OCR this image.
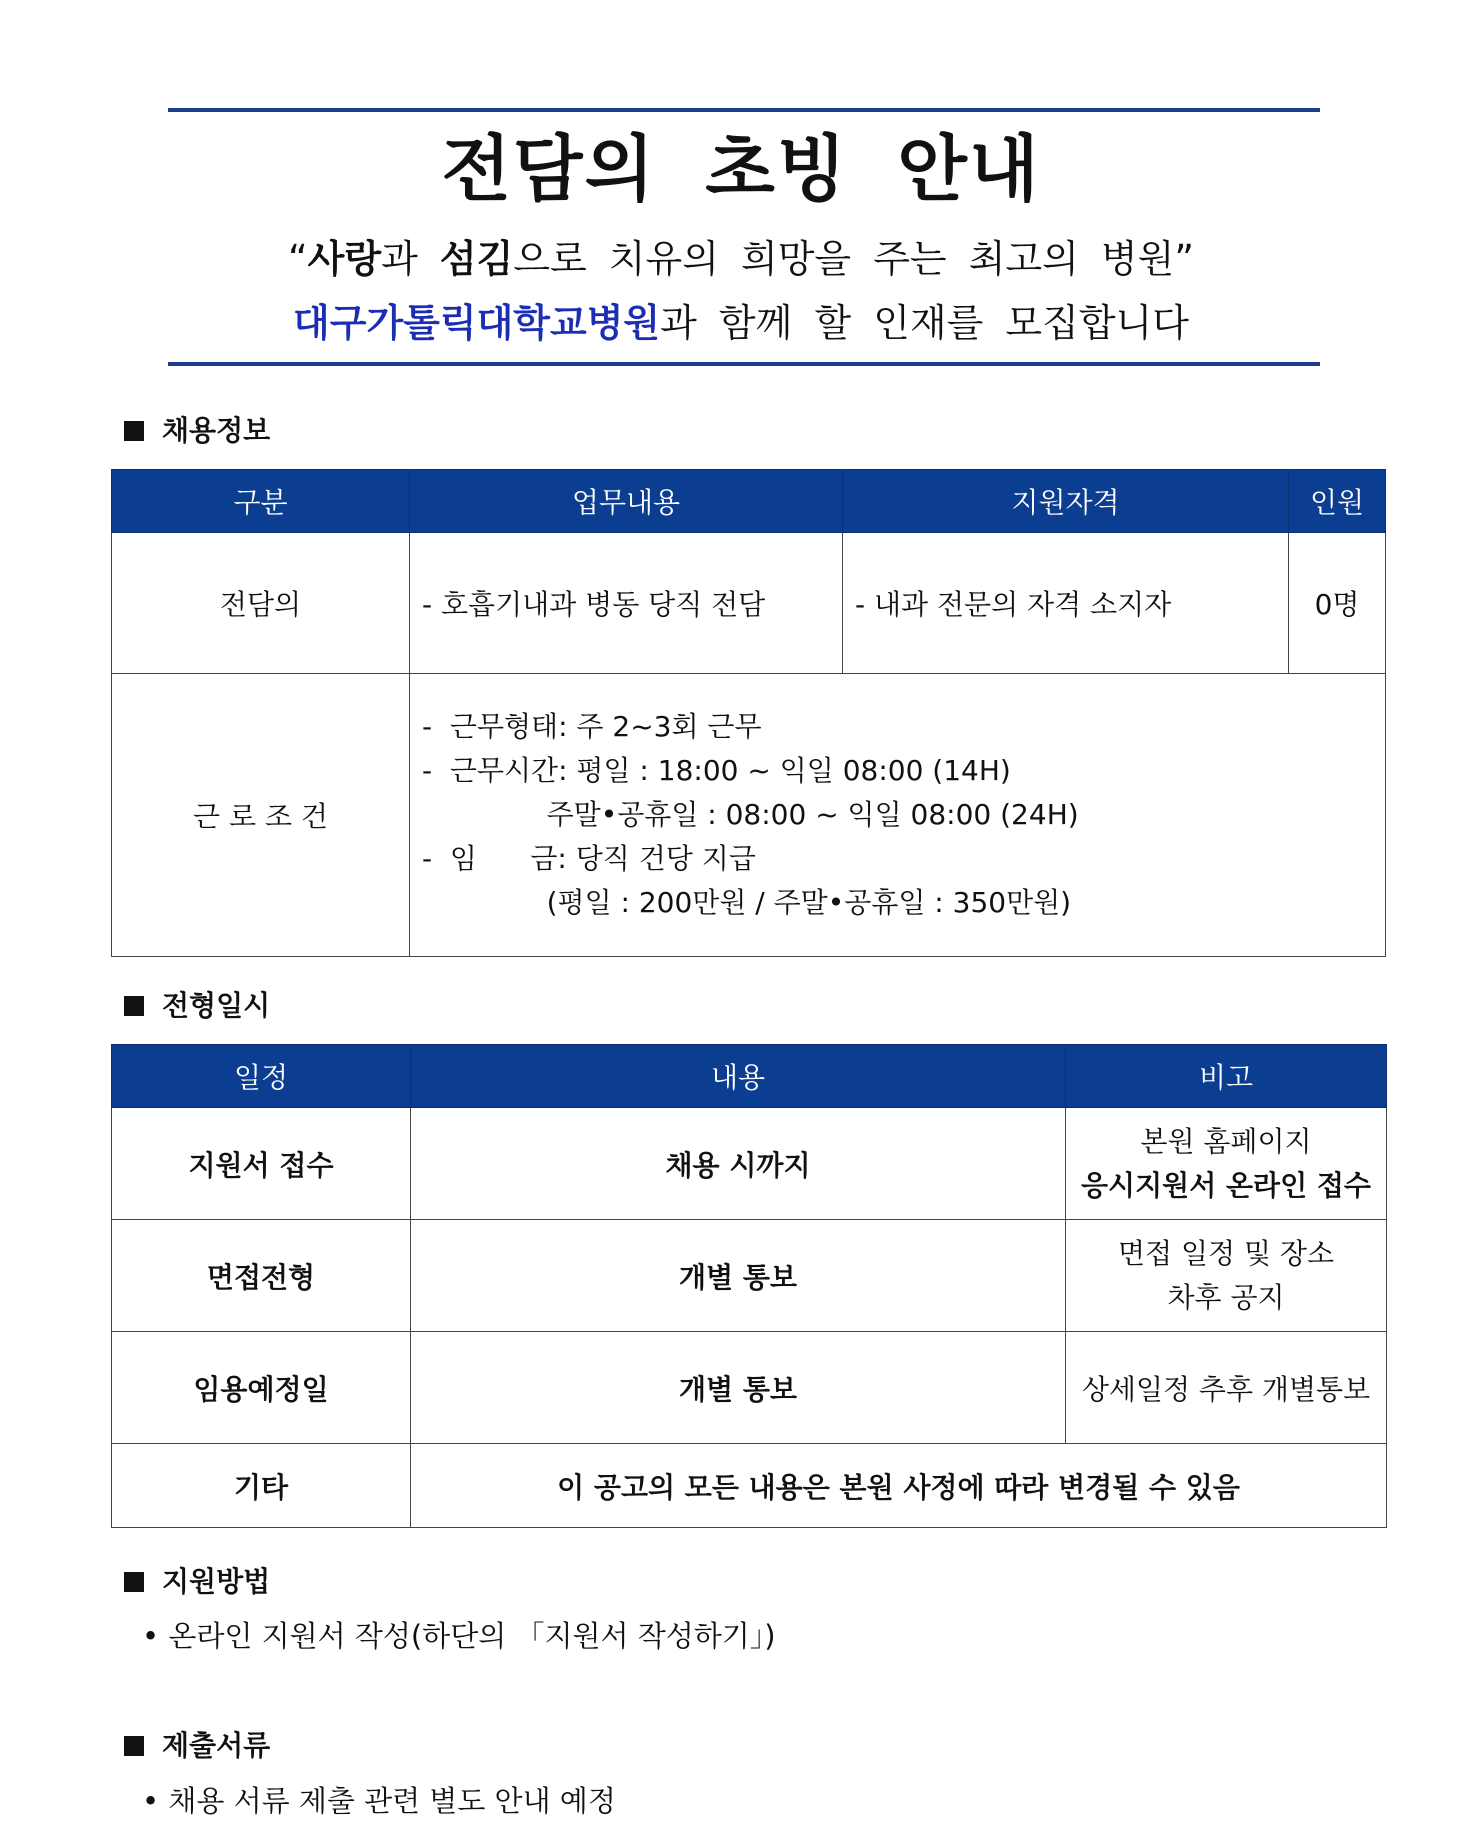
전담의 초빙 안내
“사랑과 섬김으로 치유의 희망을 주는 최고의 병원”
대구가톨릭대학교병원과 함께 할 인재를 모집합니다
채용정보
구분	업무내용	지원자격	인원
전담의	- 호흡기내과 병동 당직 전담	- 내과 전문의 자격 소지자	0명
근 로 조 건	-  근무형태: 주 2~3회 근무
-  근무시간: 평일 : 18:00 ~ 익일 08:00 (14H)
주말•공휴일 : 08:00 ~ 익일 08:00 (24H)
-  임      금: 당직 건당 지급
(평일 : 200만원 / 주말•공휴일 : 350만원)		
전형일시
일정	내용	비고
지원서 접수	채용 시까지	본원 홈페이지
응시지원서 온라인 접수

면접전형	개별 통보	면접 일정 및 장소
차후 공지

임용예정일	개별 통보	상세일정 추후 개별통보
기타	이 공고의 모든 내용은 본원 사정에 따라 변경될 수 있음	
지원방법
• 온라인 지원서 작성(하단의 「지원서 작성하기」)
제출서류
• 채용 서류 제출 관련 별도 안내 예정
